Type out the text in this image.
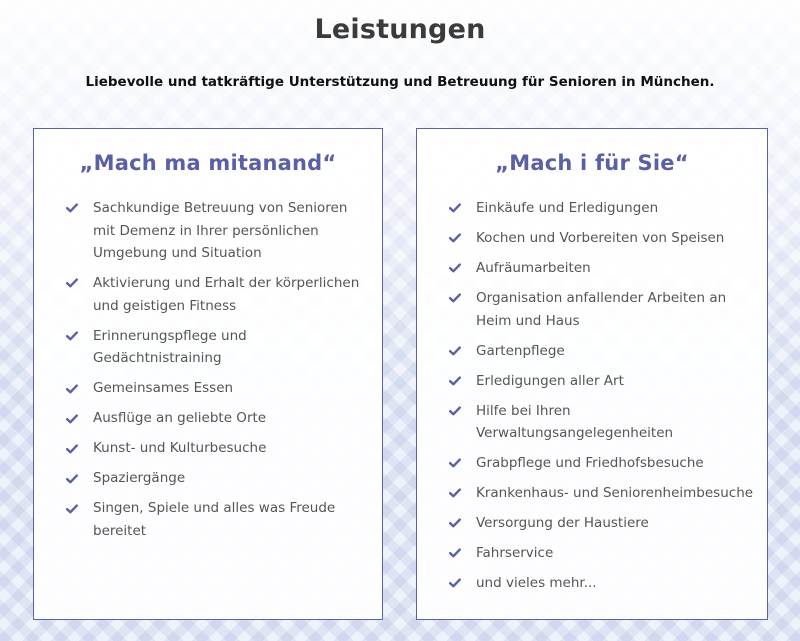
Leistungen

Liebevolle und tatkräftige Unterstützung und Betreuung für Senioren in München.

„Mach ma mitanand“
Sachkundige Betreuung von Senioren mit Demenz in Ihrer persönlichen Umgebung und Situation
Aktivierung und Erhalt der körperlichen und geistigen Fitness
Erinnerungspflege und Gedächtnistraining
Gemeinsames Essen
Ausflüge an geliebte Orte
Kunst- und Kulturbesuche
Spaziergänge
Singen, Spiele und alles was Freude bereitet
„Mach i für Sie“
Einkäufe und Erledigungen
Kochen und Vorbereiten von Speisen
Aufräumarbeiten
Organisation anfallender Arbeiten an Heim und Haus
Gartenpflege
Erledigungen aller Art
Hilfe bei Ihren Verwaltungsangelegenheiten
Grabpflege und Friedhofsbesuche
Krankenhaus- und Seniorenheimbesuche
Versorgung der Haustiere
Fahrservice
und vieles mehr...
